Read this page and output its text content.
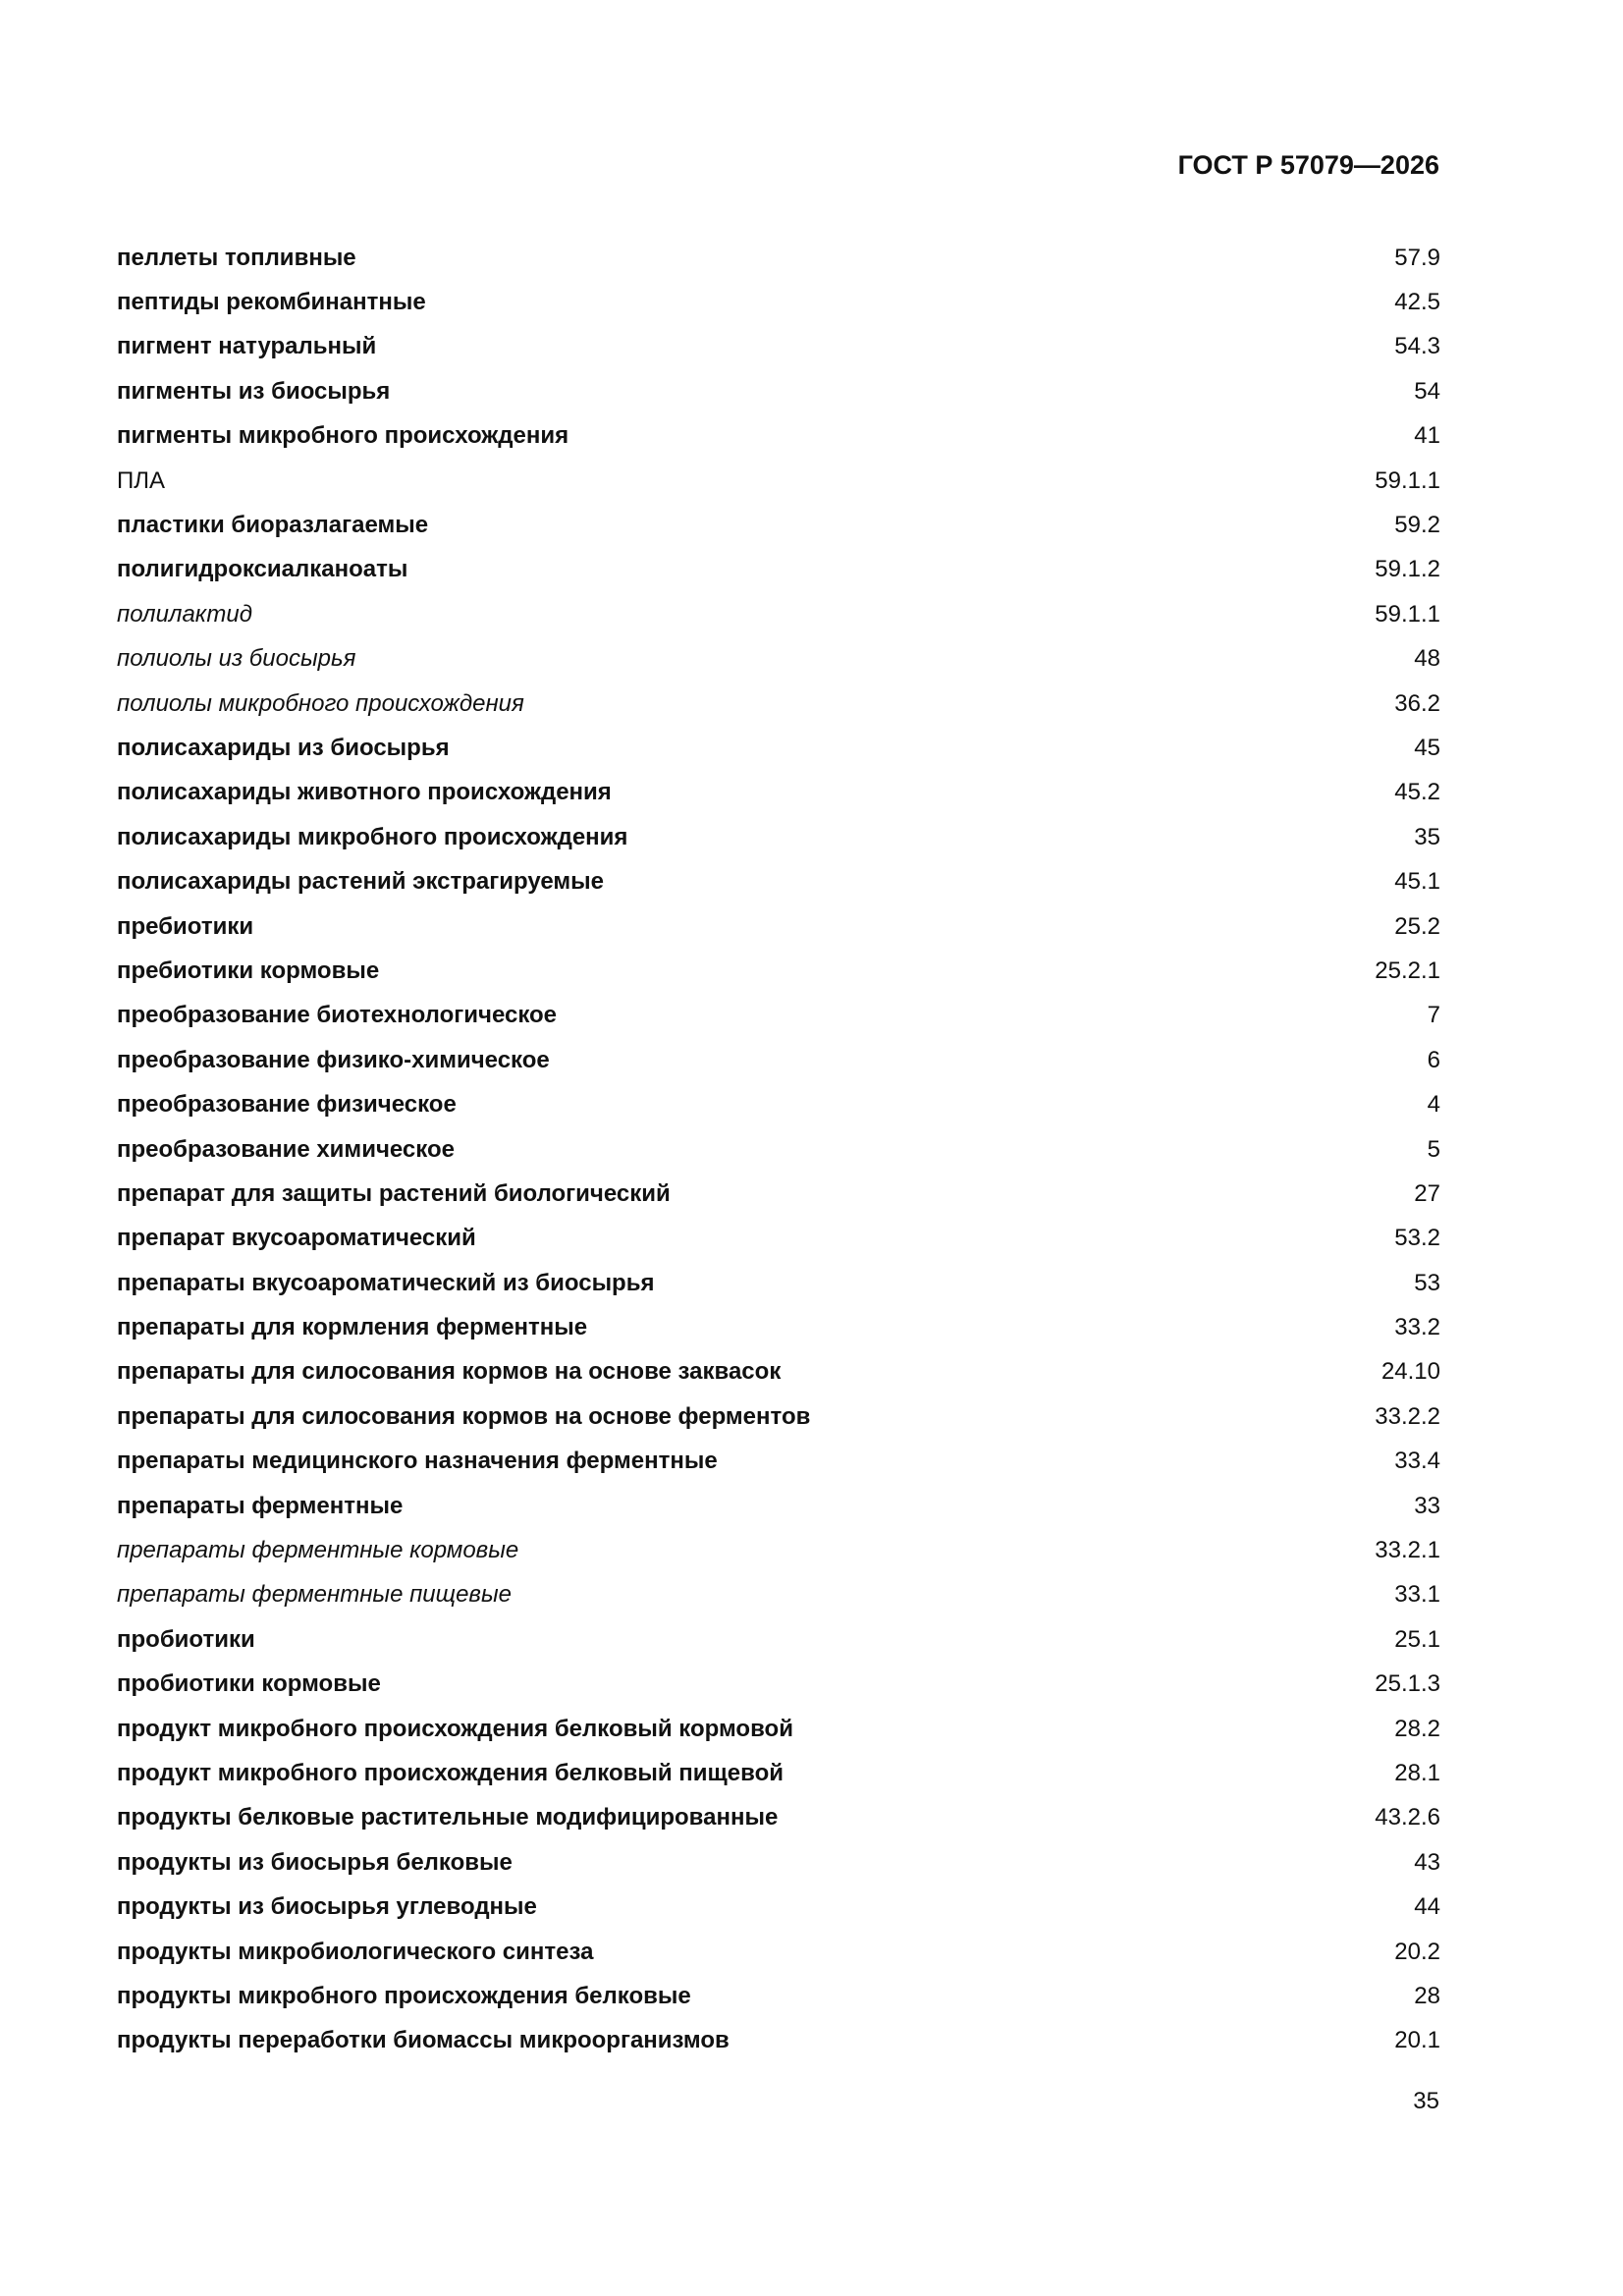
ГОСТ Р 57079—2026
пеллеты топливные	57.9
пептиды рекомбинантные	42.5
пигмент натуральный	54.3
пигменты из биосырья	54
пигменты микробного происхождения	41
ПЛА	59.1.1
пластики биоразлагаемые	59.2
полигидроксиалканоаты	59.1.2
полилактид	59.1.1
полиолы из биосырья	48
полиолы микробного происхождения	36.2
полисахариды из биосырья	45
полисахариды животного происхождения	45.2
полисахариды микробного происхождения	35
полисахариды растений экстрагируемые	45.1
пребиотики	25.2
пребиотики кормовые	25.2.1
преобразование биотехнологическое	7
преобразование физико-химическое	6
преобразование физическое	4
преобразование химическое	5
препарат для защиты растений биологический	27
препарат вкусоароматический	53.2
препараты вкусоароматический из биосырья	53
препараты для кормления ферментные	33.2
препараты для силосования кормов на основе заквасок	24.10
препараты для силосования кормов на основе ферментов	33.2.2
препараты медицинского назначения ферментные	33.4
препараты ферментные	33
препараты ферментные кормовые	33.2.1
препараты ферментные пищевые	33.1
пробиотики	25.1
пробиотики кормовые	25.1.3
продукт микробного происхождения белковый кормовой	28.2
продукт микробного происхождения белковый пищевой	28.1
продукты белковые растительные модифицированные	43.2.6
продукты из биосырья белковые	43
продукты из биосырья углеводные	44
продукты микробиологического синтеза	20.2
продукты микробного происхождения белковые	28
продукты переработки биомассы микроорганизмов	20.1
35
